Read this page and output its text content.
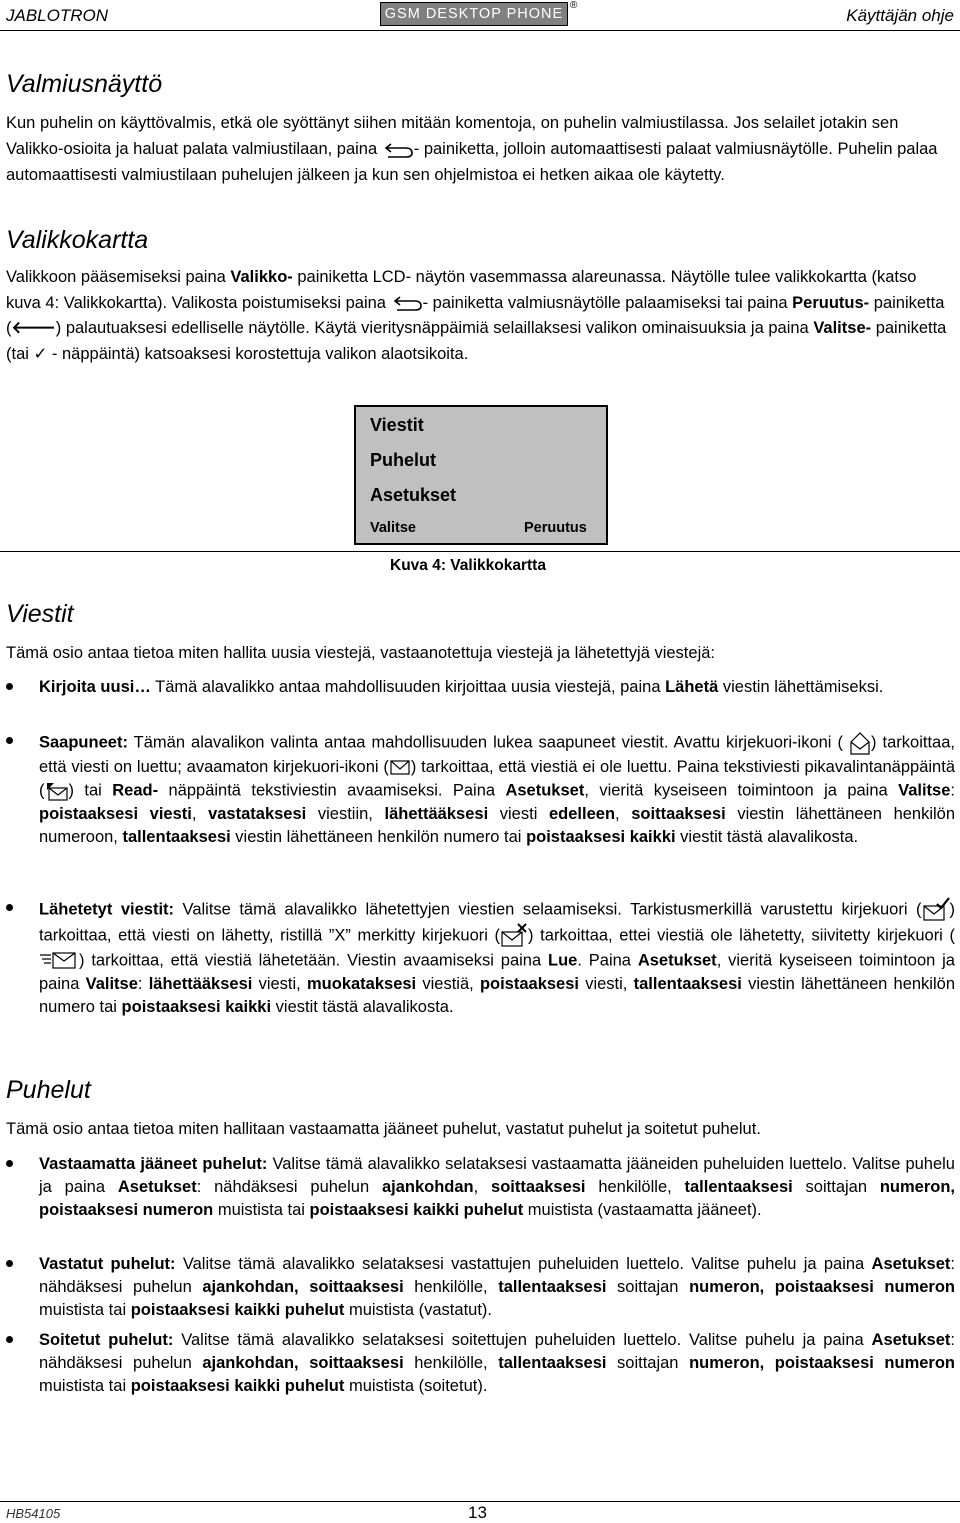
JABLOTRON	GSM DESKTOP PHONE
®
Käyttäjän ohje
Valmiusnäyttö

Kun puhelin on käyttövalmis, etkä ole syöttänyt siihen mitään komentoja, on puhelin valmiustilassa. Jos selailet jotakin sen Valikko-osioita ja haluat palata valmiustilaan, paina - painiketta, jolloin automaattisesti palaat valmiusnäytölle. Puhelin palaa automaattisesti valmiustilaan puhelujen jälkeen ja kun sen ohjelmistoa ei hetken aikaa ole käytetty.

Valikkokartta

Valikkoon pääsemiseksi paina Valikko- painiketta LCD- näytön vasemmassa alareunassa. Näytölle tulee valikkokartta (katso kuva 4: Valikkokartta). Valikosta poistumiseksi paina - painiketta valmiusnäytölle palaamiseksi tai paina Peruutus- painiketta (🡐) palautuaksesi edelliselle näytölle. Käytä vieritysnäppäimiä selaillaksesi valikon ominaisuuksia ja paina Valitse- painiketta (tai ✓ - näppäintä) katsoaksesi korostettuja valikon alaotsikoita.

Viestit
Puhelut
Asetukset
Valitse	Peruutus
Kuva 4: Valikkokartta
Viestit

Tämä osio antaa tietoa miten hallita uusia viestejä, vastaanotettuja viestejä ja lähetettyjä viestejä:

Kirjoita uusi… Tämä alavalikko antaa mahdollisuuden kirjoittaa uusia viestejä, paina Lähetä viestin lähettämiseksi.

Saapuneet: Tämän alavalikon valinta antaa mahdollisuuden lukea saapuneet viestit. Avattu kirjekuori-ikoni ( ) tarkoittaa, että viesti on luettu; avaamaton kirjekuori-ikoni ( ) tarkoittaa, että viestiä ei ole luettu. Paina tekstiviesti pikavalintanäppäintä ( ) tai Read- näppäintä tekstiviestin avaamiseksi. Paina Asetukset, vieritä kyseiseen toimintoon ja paina Valitse: poistaaksesi viesti, vastataksesi viestiin, lähettääksesi viesti edelleen, soittaaksesi viestin lähettäneen henkilön numeroon, tallentaaksesi viestin lähettäneen henkilön numero tai poistaaksesi kaikki viestit tästä alavalikosta.

Lähetetyt viestit: Valitse tämä alavalikko lähetettyjen viestien selaamiseksi. Tarkistusmerkillä varustettu kirjekuori ( ) tarkoittaa, että viesti on lähetty, ristillä ”X” merkitty kirjekuori ( ) tarkoittaa, ettei viestiä ole lähetetty, siivitetty kirjekuori () tarkoittaa, että viestiä lähetetään. Viestin avaamiseksi paina Lue. Paina Asetukset, vieritä kyseiseen toimintoon ja paina Valitse: lähettääksesi viesti, muokataksesi viestiä, poistaaksesi viesti, tallentaaksesi viestin lähettäneen henkilön numero tai poistaaksesi kaikki viestit tästä alavalikosta.

Puhelut

Tämä osio antaa tietoa miten hallitaan vastaamatta jääneet puhelut, vastatut puhelut ja soitetut puhelut.

Vastaamatta jääneet puhelut: Valitse tämä alavalikko selataksesi vastaamatta jääneiden puheluiden luettelo. Valitse puhelu ja paina Asetukset: nähdäksesi puhelun ajankohdan, soittaaksesi henkilölle, tallentaaksesi soittajan numeron, poistaaksesi numeron muistista tai poistaaksesi kaikki puhelut muistista (vastaamatta jääneet).

Vastatut puhelut: Valitse tämä alavalikko selataksesi vastattujen puheluiden luettelo. Valitse puhelu ja paina Asetukset: nähdäksesi puhelun ajankohdan, soittaaksesi henkilölle, tallentaaksesi soittajan numeron, poistaaksesi numeron muistista tai poistaaksesi kaikki puhelut muistista (vastatut).

Soitetut puhelut: Valitse tämä alavalikko selataksesi soitettujen puheluiden luettelo. Valitse puhelu ja paina Asetukset: nähdäksesi puhelun ajankohdan, soittaaksesi henkilölle, tallentaaksesi soittajan numeron, poistaaksesi numeron muistista tai poistaaksesi kaikki puhelut muistista (soitetut).

HB54105	13
